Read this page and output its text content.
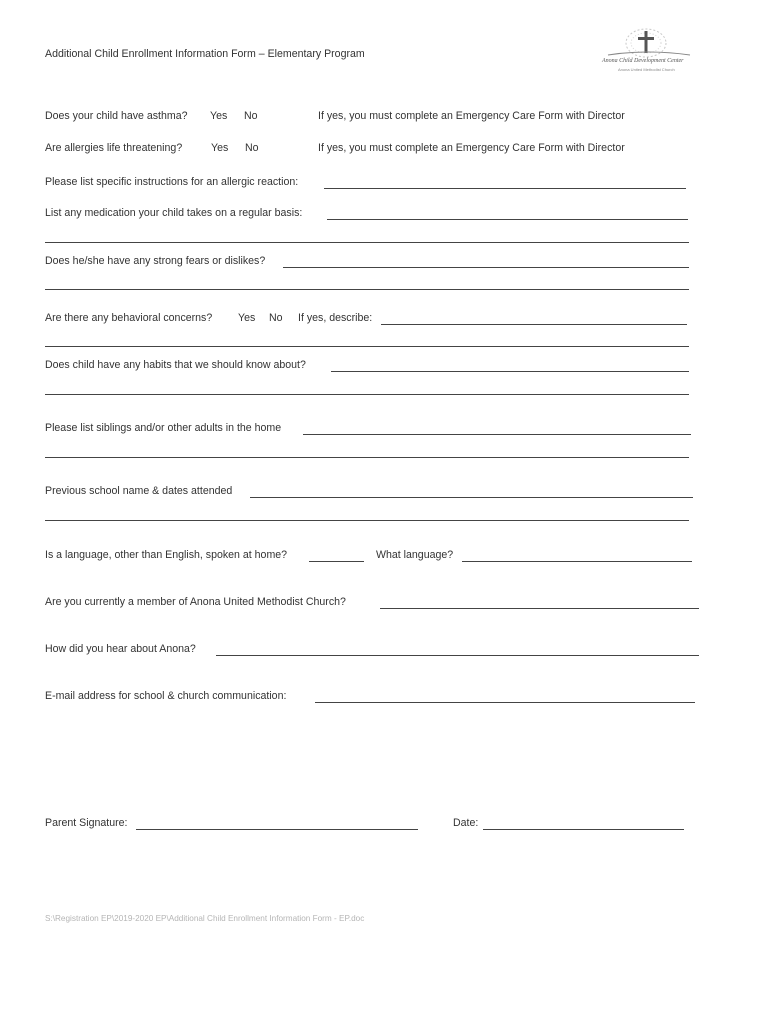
Additional Child Enrollment Information Form – Elementary Program
Anona Child Development Center
Anona United Methodist Church
Does your child have asthma? Yes No	If yes, you must complete an Emergency Care Form with Director
Are allergies life threatening?	Yes No	If yes, you must complete an Emergency Care Form with Director
Please list specific instructions for an allergic reaction:
List any medication your child takes on a regular basis:
Does he/she have any strong fears or dislikes?
Are there any behavioral concerns? Yes No If yes, describe:
Does child have any habits that we should know about?
Please list siblings and/or other adults in the home
Previous school name & dates attended
Is a language, other than English, spoken at home?	What language?
Are you currently a member of Anona United Methodist Church?
How did you hear about Anona?
E-mail address for school & church communication:
Parent Signature:	Date:
S:\Registration EP\2019-2020 EP\Additional Child Enrollment Information Form - EP.doc
